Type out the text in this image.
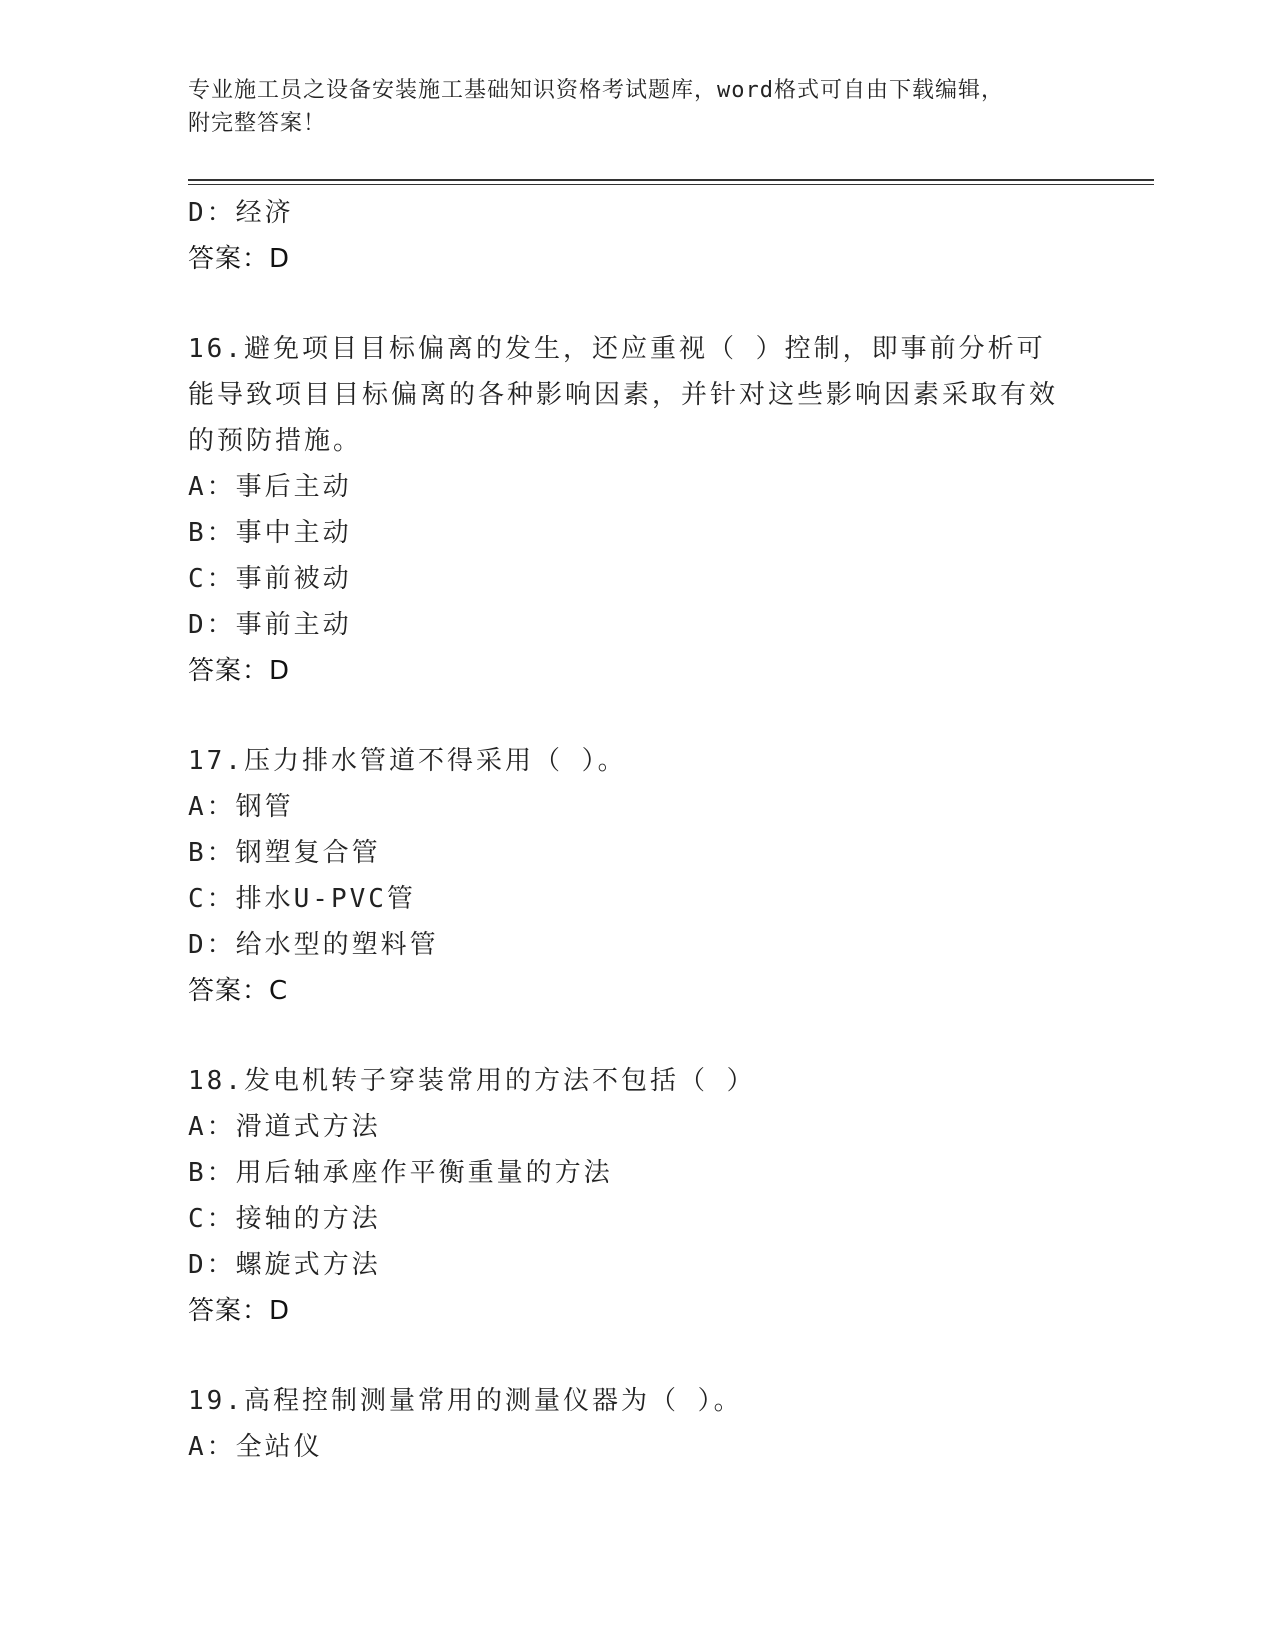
专业施工员之设备安装施工基础知识资格考试题库，word格式可自由下载编辑，
附完整答案！
D：经济
答案：D
16.避免项目目标偏离的发生，还应重视（ ）控制，即事前分析可能导致项目目标偏离的各种影响因素，并针对这些影响因素采取有效的预防措施。
A：事后主动
B：事中主动
C：事前被动
D：事前主动
答案：D
17.压力排水管道不得采用（ ）。
A：钢管
B：钢塑复合管
C：排水U-PVC管
D：给水型的塑料管
答案：C
18.发电机转子穿装常用的方法不包括（ ）
A：滑道式方法
B：用后轴承座作平衡重量的方法
C：接轴的方法
D：螺旋式方法
答案：D
19.高程控制测量常用的测量仪器为（ ）。
A：全站仪
